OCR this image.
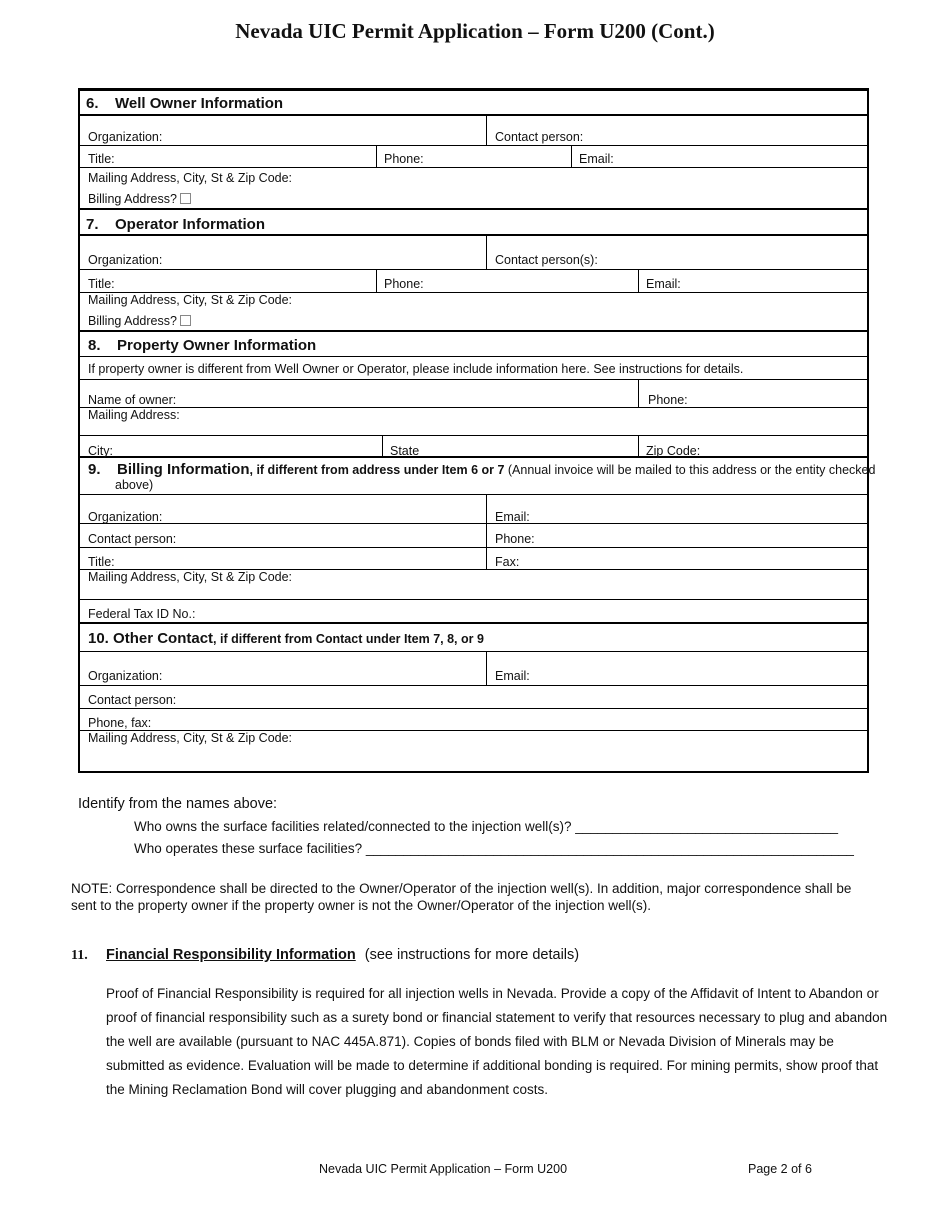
Nevada UIC Permit Application – Form U200 (Cont.)
6. Well Owner Information
Organization:	Contact person:
Title:	Phone:	Email:
Mailing Address, City, St & Zip Code:
Billing Address?
7. Operator Information
Organization:	Contact person(s):
Title:	Phone:	Email:
Mailing Address, City, St & Zip Code:
Billing Address?
8. Property Owner Information
If property owner is different from Well Owner or Operator, please include information here. See instructions for details.
Name of owner:	Phone:
Mailing Address:
City:	State	Zip Code:
9. Billing Information, if different from address under Item 6 or 7 (Annual invoice will be mailed to this address or the entity checked
above)
Organization:	Email:
Contact person:	Phone:
Title:	Fax:
Mailing Address, City, St & Zip Code:
Federal Tax ID No.:
10. Other Contact, if different from Contact under Item 7, 8, or 9
Organization:	Email:
Contact person:
Phone, fax:
Mailing Address, City, St & Zip Code:
Identify from the names above:
Who owns the surface facilities related/connected to the injection well(s)? ___________________________________
Who operates these surface facilities? _________________________________________________________________
NOTE: Correspondence shall be directed to the Owner/Operator of the injection well(s). In addition, major correspondence shall be
sent to the property owner if the property owner is not the Owner/Operator of the injection well(s).
11. Financial Responsibility Information (see instructions for more details)
Proof of Financial Responsibility is required for all injection wells in Nevada. Provide a copy of the Affidavit of Intent to Abandon or proof of financial responsibility such as a surety bond or financial statement to verify that resources necessary to plug and abandon the well are available (pursuant to NAC 445A.871). Copies of bonds filed with BLM or Nevada Division of Minerals may be submitted as evidence. Evaluation will be made to determine if additional bonding is required. For mining permits, show proof that the Mining Reclamation Bond will cover plugging and abandonment costs.
Nevada UIC Permit Application – Form U200	Page 2 of 6
